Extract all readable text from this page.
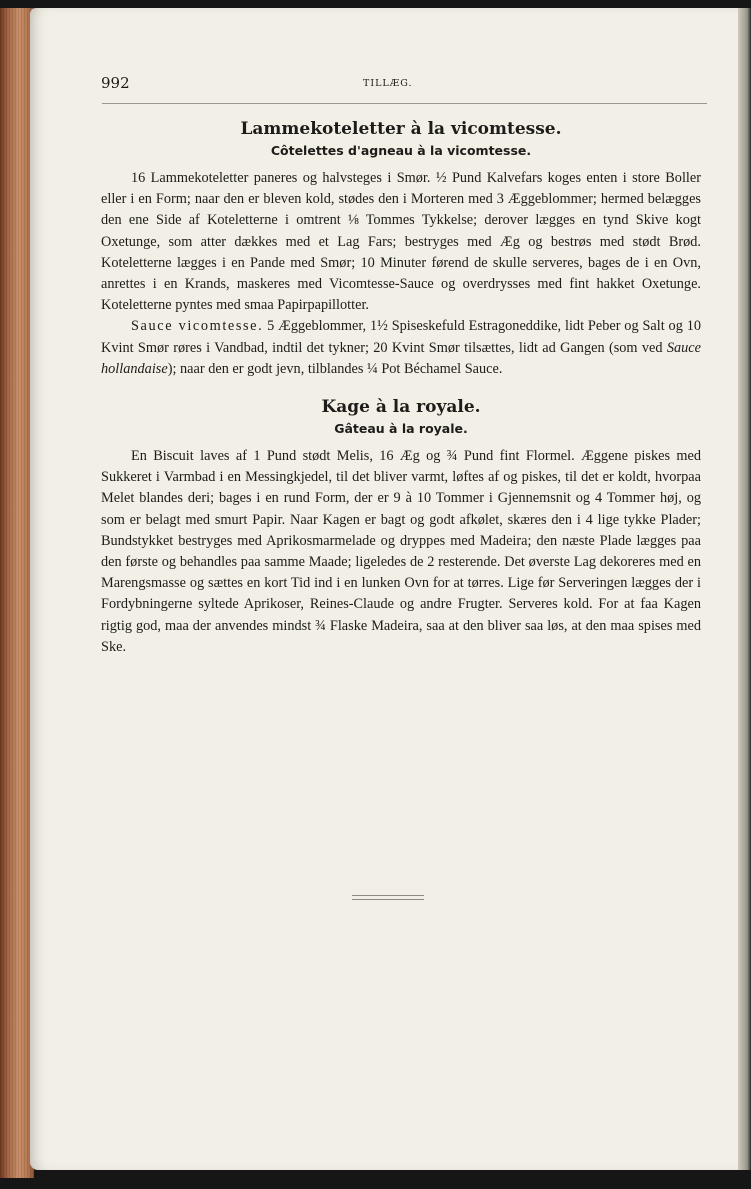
992	TILLÆG.
Lammekoteletter à la vicomtesse.
Côtelettes d'agneau à la vicomtesse.

16 Lammekoteletter paneres og halvsteges i Smør. ½ Pund Kalvefars koges enten i store Boller eller i en Form; naar den er bleven kold, stødes den i Morteren med 3 Æggeblommer; hermed belægges den ene Side af Koteletterne i omtrent ⅛ Tommes Tykkelse; derover lægges en tynd Skive kogt Oxetunge, som atter dækkes med et Lag Fars; bestryges med Æg og bestrøs med stødt Brød. Koteletterne lægges i en Pande med Smør; 10 Minuter førend de skulle serveres, bages de i en Ovn, anrettes i en Krands, maskeres med Vicomtesse-Sauce og overdrysses med fint hakket Oxetunge. Koteletterne pyntes med smaa Papirpapillotter.

Sauce vicomtesse. 5 Æggeblommer, 1½ Spiseskefuld Estragoneddike, lidt Peber og Salt og 10 Kvint Smør røres i Vandbad, indtil det tykner; 20 Kvint Smør tilsættes, lidt ad Gangen (som ved Sauce hollandaise); naar den er godt jevn, tilblandes ¼ Pot Béchamel Sauce.

Kage à la royale.
Gâteau à la royale.

En Biscuit laves af 1 Pund stødt Melis, 16 Æg og ¾ Pund fint Flormel. Æggene piskes med Sukkeret i Varmbad i en Messingkjedel, til det bliver varmt, løftes af og piskes, til det er koldt, hvorpaa Melet blandes deri; bages i en rund Form, der er 9 à 10 Tommer i Gjennemsnit og 4 Tommer høj, og som er belagt med smurt Papir. Naar Kagen er bagt og godt afkølet, skæres den i 4 lige tykke Plader; Bundstykket bestryges med Aprikosmarmelade og dryppes med Madeira; den næste Plade lægges paa den første og behandles paa samme Maade; ligeledes de 2 resterende. Det øverste Lag dekoreres med en Marengsmasse og sættes en kort Tid ind i en lunken Ovn for at tørres. Lige før Serveringen lægges der i Fordybningerne syltede Aprikoser, Reines-Claude og andre Frugter. Serveres kold. For at faa Kagen rigtig god, maa der anvendes mindst ¾ Flaske Madeira, saa at den bliver saa løs, at den maa spises med Ske.
